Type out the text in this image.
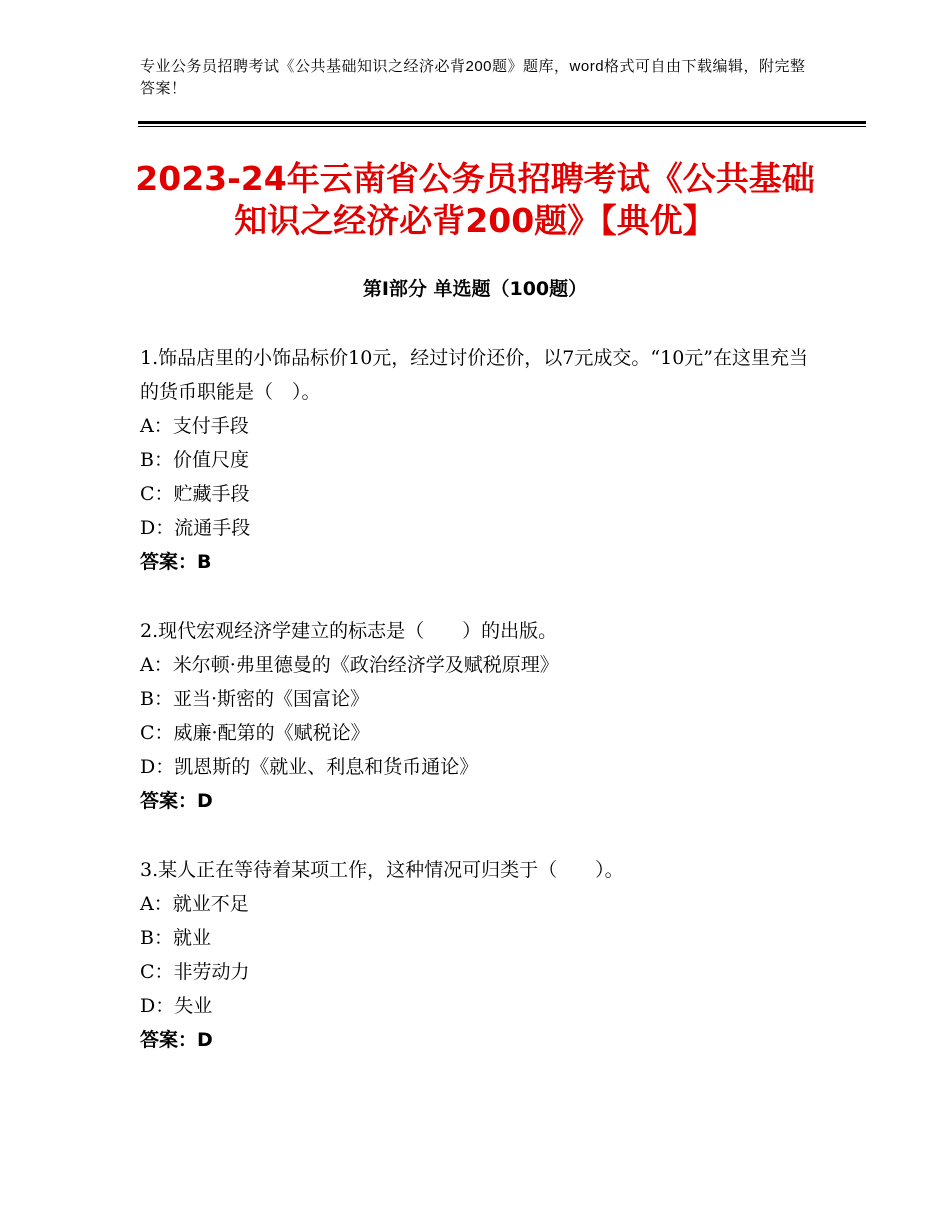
专业公务员招聘考试《公共基础知识之经济必背200题》题库，word格式可自由下载编辑，附完整答案！
2023-24年云南省公务员招聘考试《公共基础知识之经济必背200题》【典优】
第Ⅰ部分 单选题（100题）

1.饰品店里的小饰品标价10元，经过讨价还价，以7元成交。“10元”在这里充当的货币职能是（　）。

A：支付手段

B：价值尺度

C：贮藏手段

D：流通手段

答案：B

2.现代宏观经济学建立的标志是（　　）的出版。

A：米尔顿·弗里德曼的《政治经济学及赋税原理》

B：亚当·斯密的《国富论》

C：威廉·配第的《赋税论》

D：凯恩斯的《就业、利息和货币通论》

答案：D

3.某人正在等待着某项工作，这种情况可归类于（　　）。

A：就业不足

B：就业

C：非劳动力

D：失业

答案：D
